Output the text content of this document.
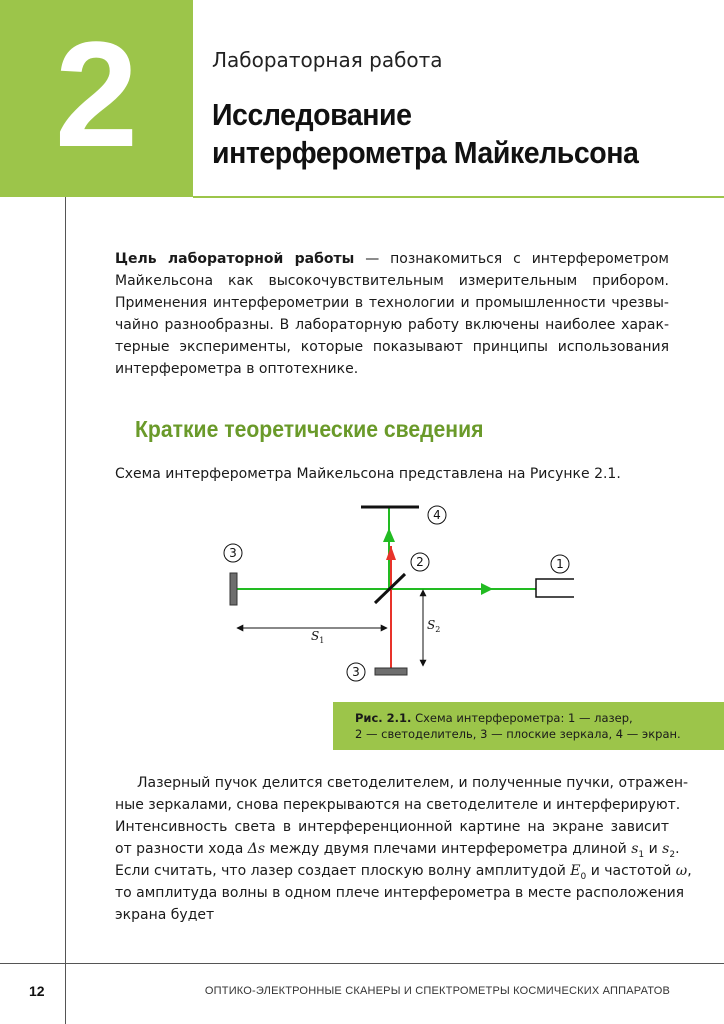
2	Лабораторная работа
Исследование
интерферометра Майкельсона
Цель лабораторной работы — познакомиться с интерферометром
Майкельсона как высокочувствительным измерительным прибором.
Применения интерферометрии в технологии и промышленности чрезвы-
чайно разнообразны. В лабораторную работу включены наиболее харак-
терные эксперименты, которые показывают принципы использования
интерферометра в оптотехнике.
Краткие теоретические сведения
Схема интерферометра Майкельсона представлена на Рисунке 2.1.
$S_1$
$S_2$
4
2	1
3
3
Рис. 2.1. Схема интерферометра: 1 — лазер,
2 — светоделитель, 3 — плоские зеркала, 4 — экран.
Лазерный пучок делится светоделителем, и полученные пучки, отражен-
ные зеркалами, снова перекрываются на светоделителе и интерферируют.
Интенсивность света в интерференционной картине на экране зависит
от разности хода Δs между двумя плечами интерферометра длиной $s_1$ и $s_2$.
Если считать, что лазер создает плоскую волну амплитудой $E_0$ и частотой ω,
то амплитуда волны в одном плече интерферометра в месте расположения
экрана будет
12	ОПТИКО-ЭЛЕКТРОННЫЕ СКАНЕРЫ И СПЕКТРОМЕТРЫ КОСМИЧЕСКИХ АППАРАТОВ
